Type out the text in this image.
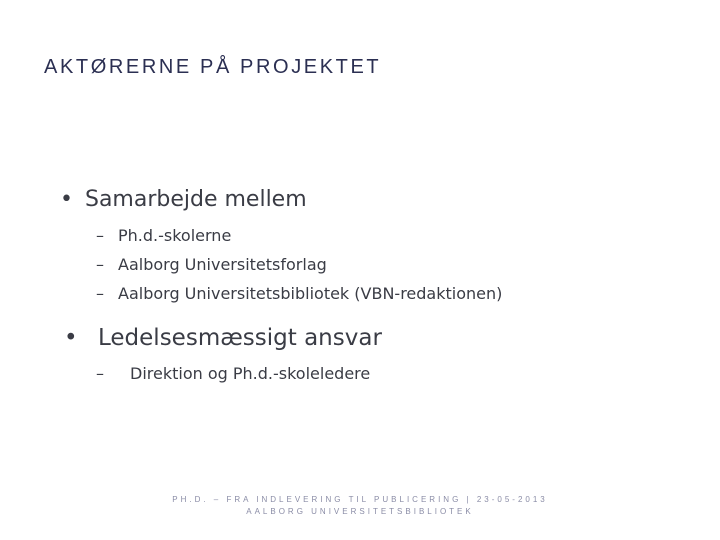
AKTØRERNE PÅ PROJEKTET
• Samarbejde mellem
– Ph.d.-skolerne
– Aalborg Universitetsforlag
– Aalborg Universitetsbibliotek (VBN-redaktionen)
• Ledelsesmæssigt ansvar
– Direktion og Ph.d.-skoleledere
PH.D. – FRA INDLEVERING TIL PUBLICERING | 23-05-2013
AALBORG UNIVERSITETSBIBLIOTEK
